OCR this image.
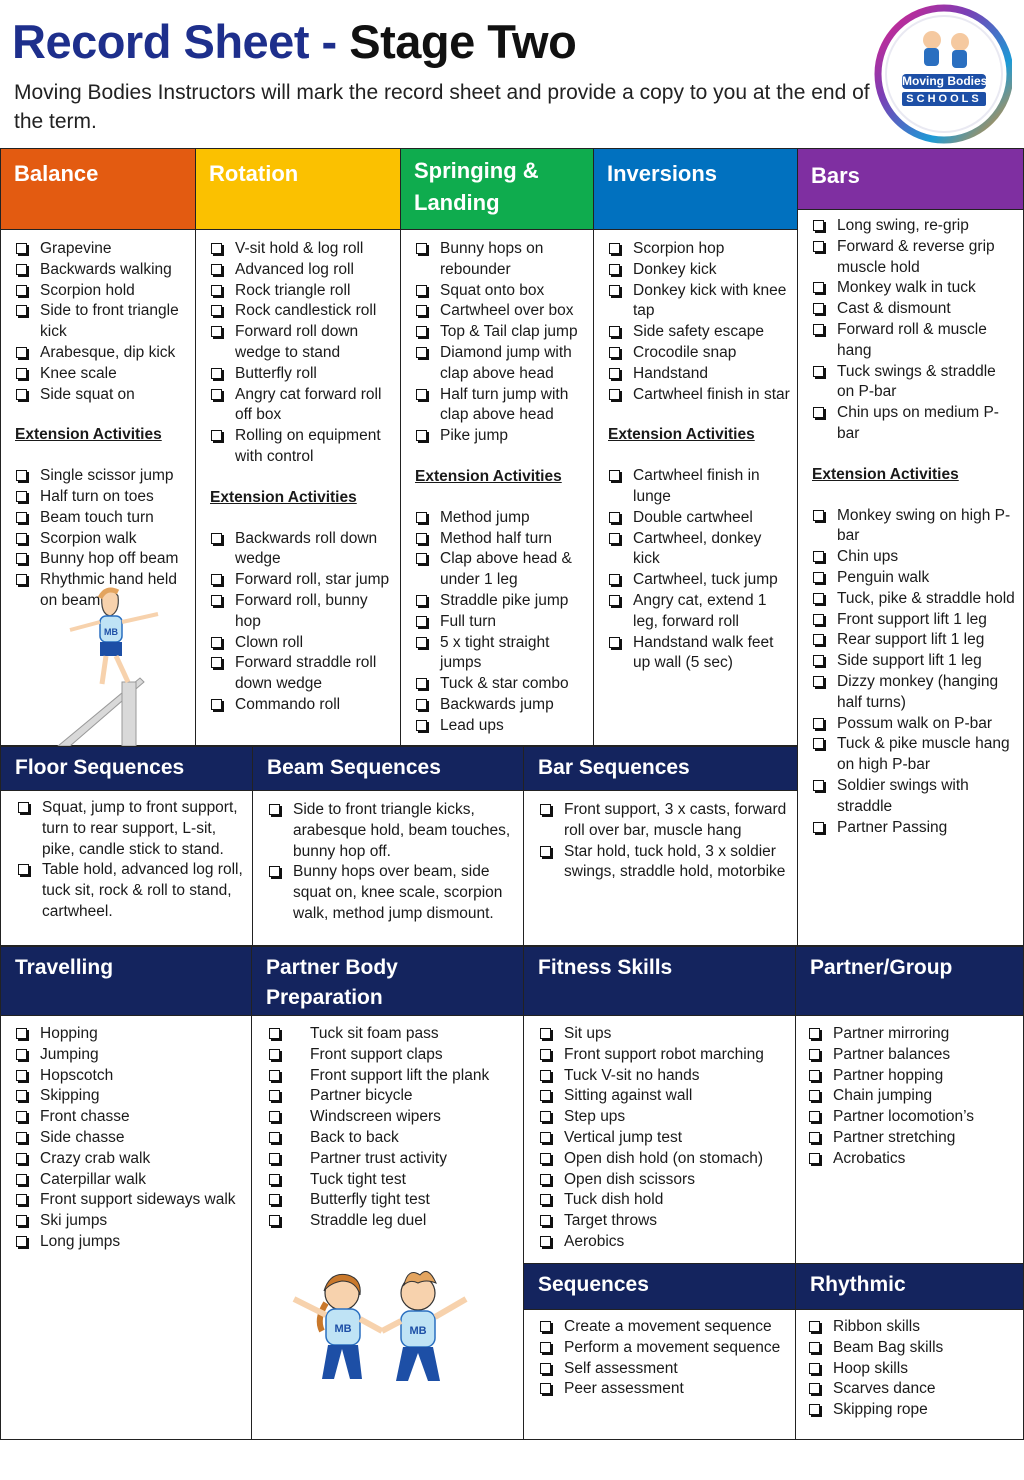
Record Sheet - Stage Two
Moving Bodies Instructors will mark the record sheet and provide a copy to you at the end of the term.
Moving Bodies
SCHOOLS
Balance
Grapevine
Backwards walking
Scorpion hold
Side to front triangle kick
Arabesque, dip kick
Knee scale
Side squat on
Extension Activities
Single scissor jump
Half turn on toes
Beam touch turn
Scorpion walk
Bunny hop off beam
Rhythmic hand held on beam
Rotation
V-sit hold & log roll
Advanced log roll
Rock triangle roll
Rock candlestick roll
Forward roll down wedge to stand
Butterfly roll
Angry cat forward roll off box
Rolling on equipment with control
Extension Activities
Backwards roll down wedge
Forward roll, star jump
Forward roll, bunny hop
Clown roll
Forward straddle roll down wedge
Commando roll
Springing & Landing
Bunny hops on rebounder
Squat onto box
Cartwheel over box
Top & Tail clap jump
Diamond jump with clap above head
Half turn jump with clap above head
Pike jump
Extension Activities
Method jump
Method half turn
Clap above head & under 1 leg
Straddle pike jump
Full turn
5 x tight straight jumps
Tuck & star combo
Backwards jump
Lead ups
Inversions
Scorpion hop
Donkey kick
Donkey kick with knee tap
Side safety escape
Crocodile snap
Handstand
Cartwheel finish in star
Extension Activities
Cartwheel finish in lunge
Double cartwheel
Cartwheel, donkey kick
Cartwheel, tuck jump
Angry cat, extend 1 leg, forward roll
Handstand walk feet up wall (5 sec)
Bars
Long swing, re-grip
Forward & reverse grip muscle hold
Monkey walk in tuck
Cast & dismount
Forward roll & muscle hang
Tuck swings & straddle on P-bar
Chin ups on medium P-bar
Extension Activities
Monkey swing on high P-bar
Chin ups
Penguin walk
Tuck, pike & straddle hold
Front support lift 1 leg
Rear support lift 1 leg
Side support lift 1 leg
Dizzy monkey (hanging half turns)
Possum walk on P-bar
Tuck & pike muscle hang on high P-bar
Soldier swings with straddle
Partner Passing
MB
Floor Sequences
Squat, jump to front support, turn to rear support, L-sit, pike, candle stick to stand.
Table hold, advanced log roll, tuck sit, rock & roll to stand, cartwheel.
Beam Sequences
Side to front triangle kicks, arabesque hold, beam touches, bunny hop off.
Bunny hops over beam, side squat on, knee scale, scorpion walk, method jump dismount.
Bar Sequences
Front support, 3 x casts, forward roll over bar, muscle hang
Star hold, tuck hold, 3 x soldier swings, straddle hold, motorbike
Travelling
Hopping
Jumping
Hopscotch
Skipping
Front chasse
Side chasse
Crazy crab walk
Caterpillar walk
Front support sideways walk
Ski jumps
Long jumps
Partner Body Preparation
Tuck sit foam pass
Front support claps
Front support lift the plank
Partner bicycle
Windscreen wipers
Back to back
Partner trust activity
Tuck tight test
Butterfly tight test
Straddle leg duel
MB	MB
Fitness Skills
Sit ups
Front support robot marching
Tuck V-sit no hands
Sitting against wall
Step ups
Vertical jump test
Open dish hold (on stomach)
Open dish scissors
Tuck dish hold
Target throws
Aerobics
Partner/Group
Partner mirroring
Partner balances
Partner hopping
Chain jumping
Partner locomotion’s
Partner stretching
Acrobatics
Sequences
Create a movement sequence
Perform a movement sequence
Self assessment
Peer assessment
Rhythmic
Ribbon skills
Beam Bag skills
Hoop skills
Scarves dance
Skipping rope
